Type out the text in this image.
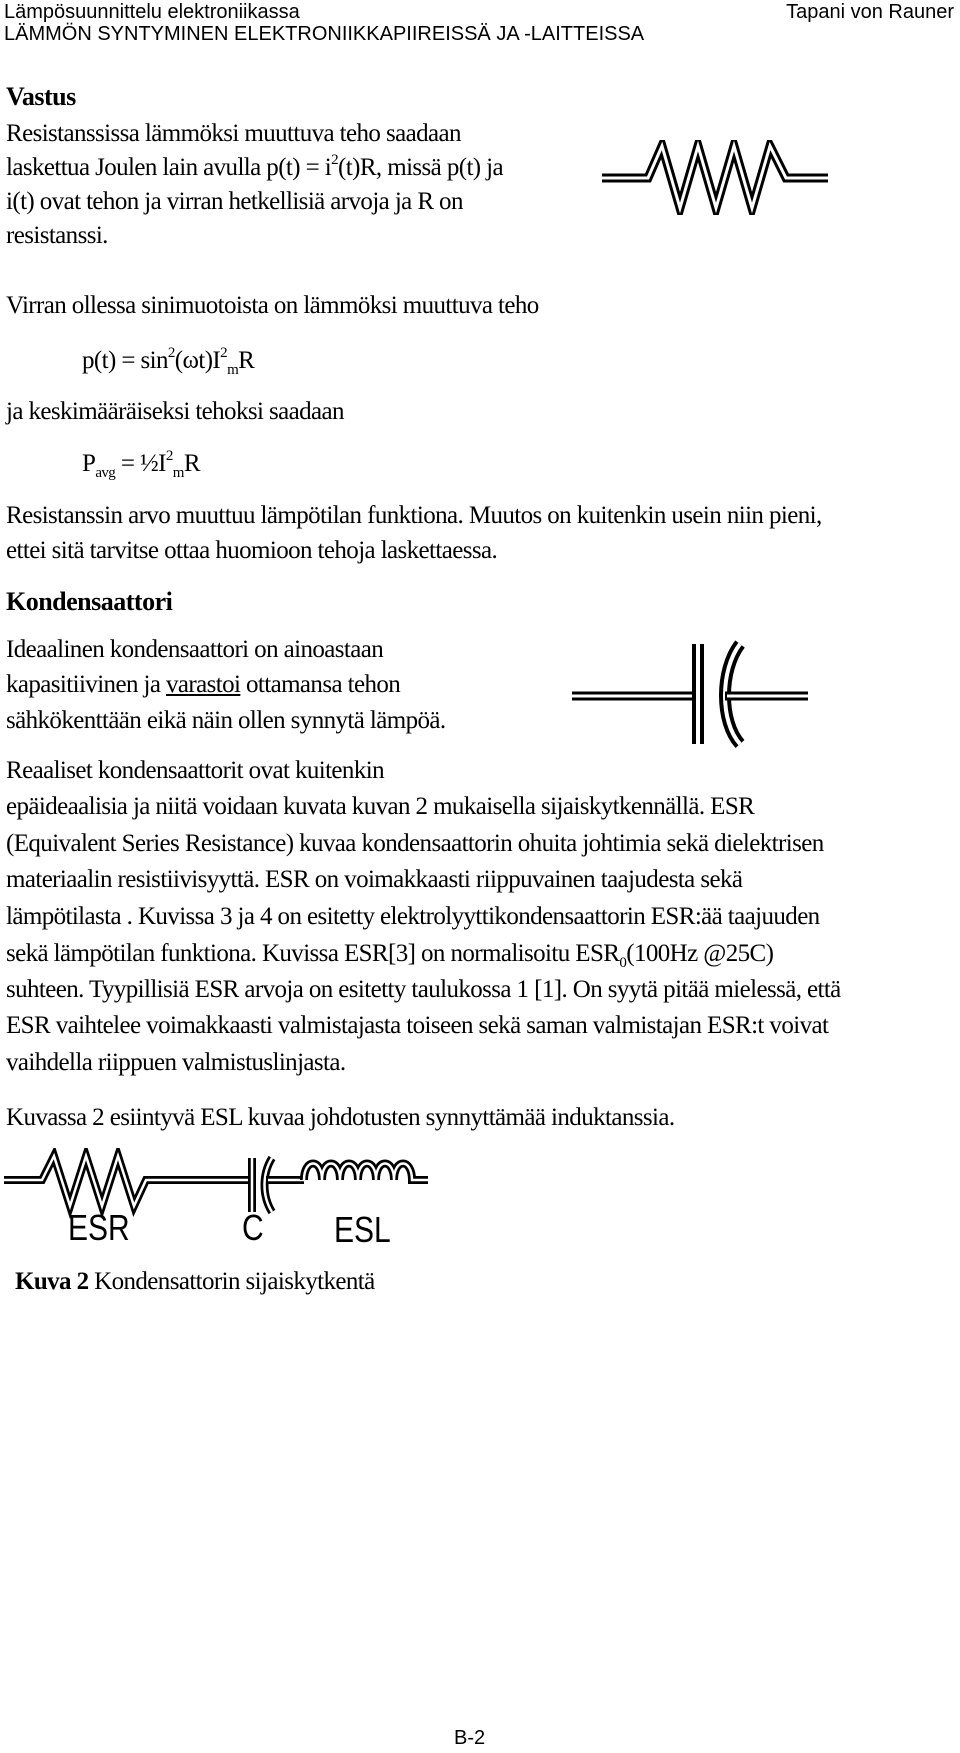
Lämpösuunnittelu elektroniikassa
LÄMMÖN SYNTYMINEN ELEKTRONIIKKAPIIREISSÄ JA -LAITTEISSA
Tapani von Rauner
Vastus
Resistanssissa lämmöksi muuttuva teho saadaan
laskettua Joulen lain avulla $p(t) = i^2(t)R$, missä p(t) ja
i(t) ovat tehon ja virran hetkellisiä arvoja ja R on
resistanssi.
Virran ollessa sinimuotoista on lämmöksi muuttuva teho
$p(t) = \sin^2(\omega t)I^2_mR$
ja keskimääräiseksi tehoksi saadaan
$P_{avg}$ = $\frac{1}{2}I^2_mR$
Resistanssin arvo muuttuu lämpötilan funktiona. Muutos on kuitenkin usein niin pieni,
ettei sitä tarvitse ottaa huomioon tehoja laskettaessa.
Kondensaattori
Ideaalinen kondensaattori on ainoastaan
kapasitiivinen ja varastoi ottamansa tehon
sähkökenttään eikä näin ollen synnytä lämpöä.
Reaaliset kondensaattorit ovat kuitenkin
epäideaalisia ja niitä voidaan kuvata kuvan 2 mukaisella sijaiskytkennällä. ESR
(Equivalent Series Resistance) kuvaa kondensaattorin ohuita johtimia sekä dielektrisen
materiaalin resistiivisyyttä. ESR on voimakkaasti riippuvainen taajudesta sekä
lämpötilasta . Kuvissa 3 ja 4 on esitetty elektrolyyttikondensaattorin ESR:ää taajuuden
sekä lämpötilan funktiona. Kuvissa ESR[3] on normalisoitu $ESR_0(100Hz$ @25C)
suhteen. Tyypillisiä ESR arvoja on esitetty taulukossa 1 [1]. On syytä pitää mielessä, että
ESR vaihtelee voimakkaasti valmistajasta toiseen sekä saman valmistajan ESR:t voivat
vaihdella riippuen valmistuslinjasta.
Kuvassa 2 esiintyvä ESL kuvaa johdotusten synnyttämää induktanssia.
ESR	C ESL
Kuva 2 Kondensattorin sijaiskytkentä
B-2
